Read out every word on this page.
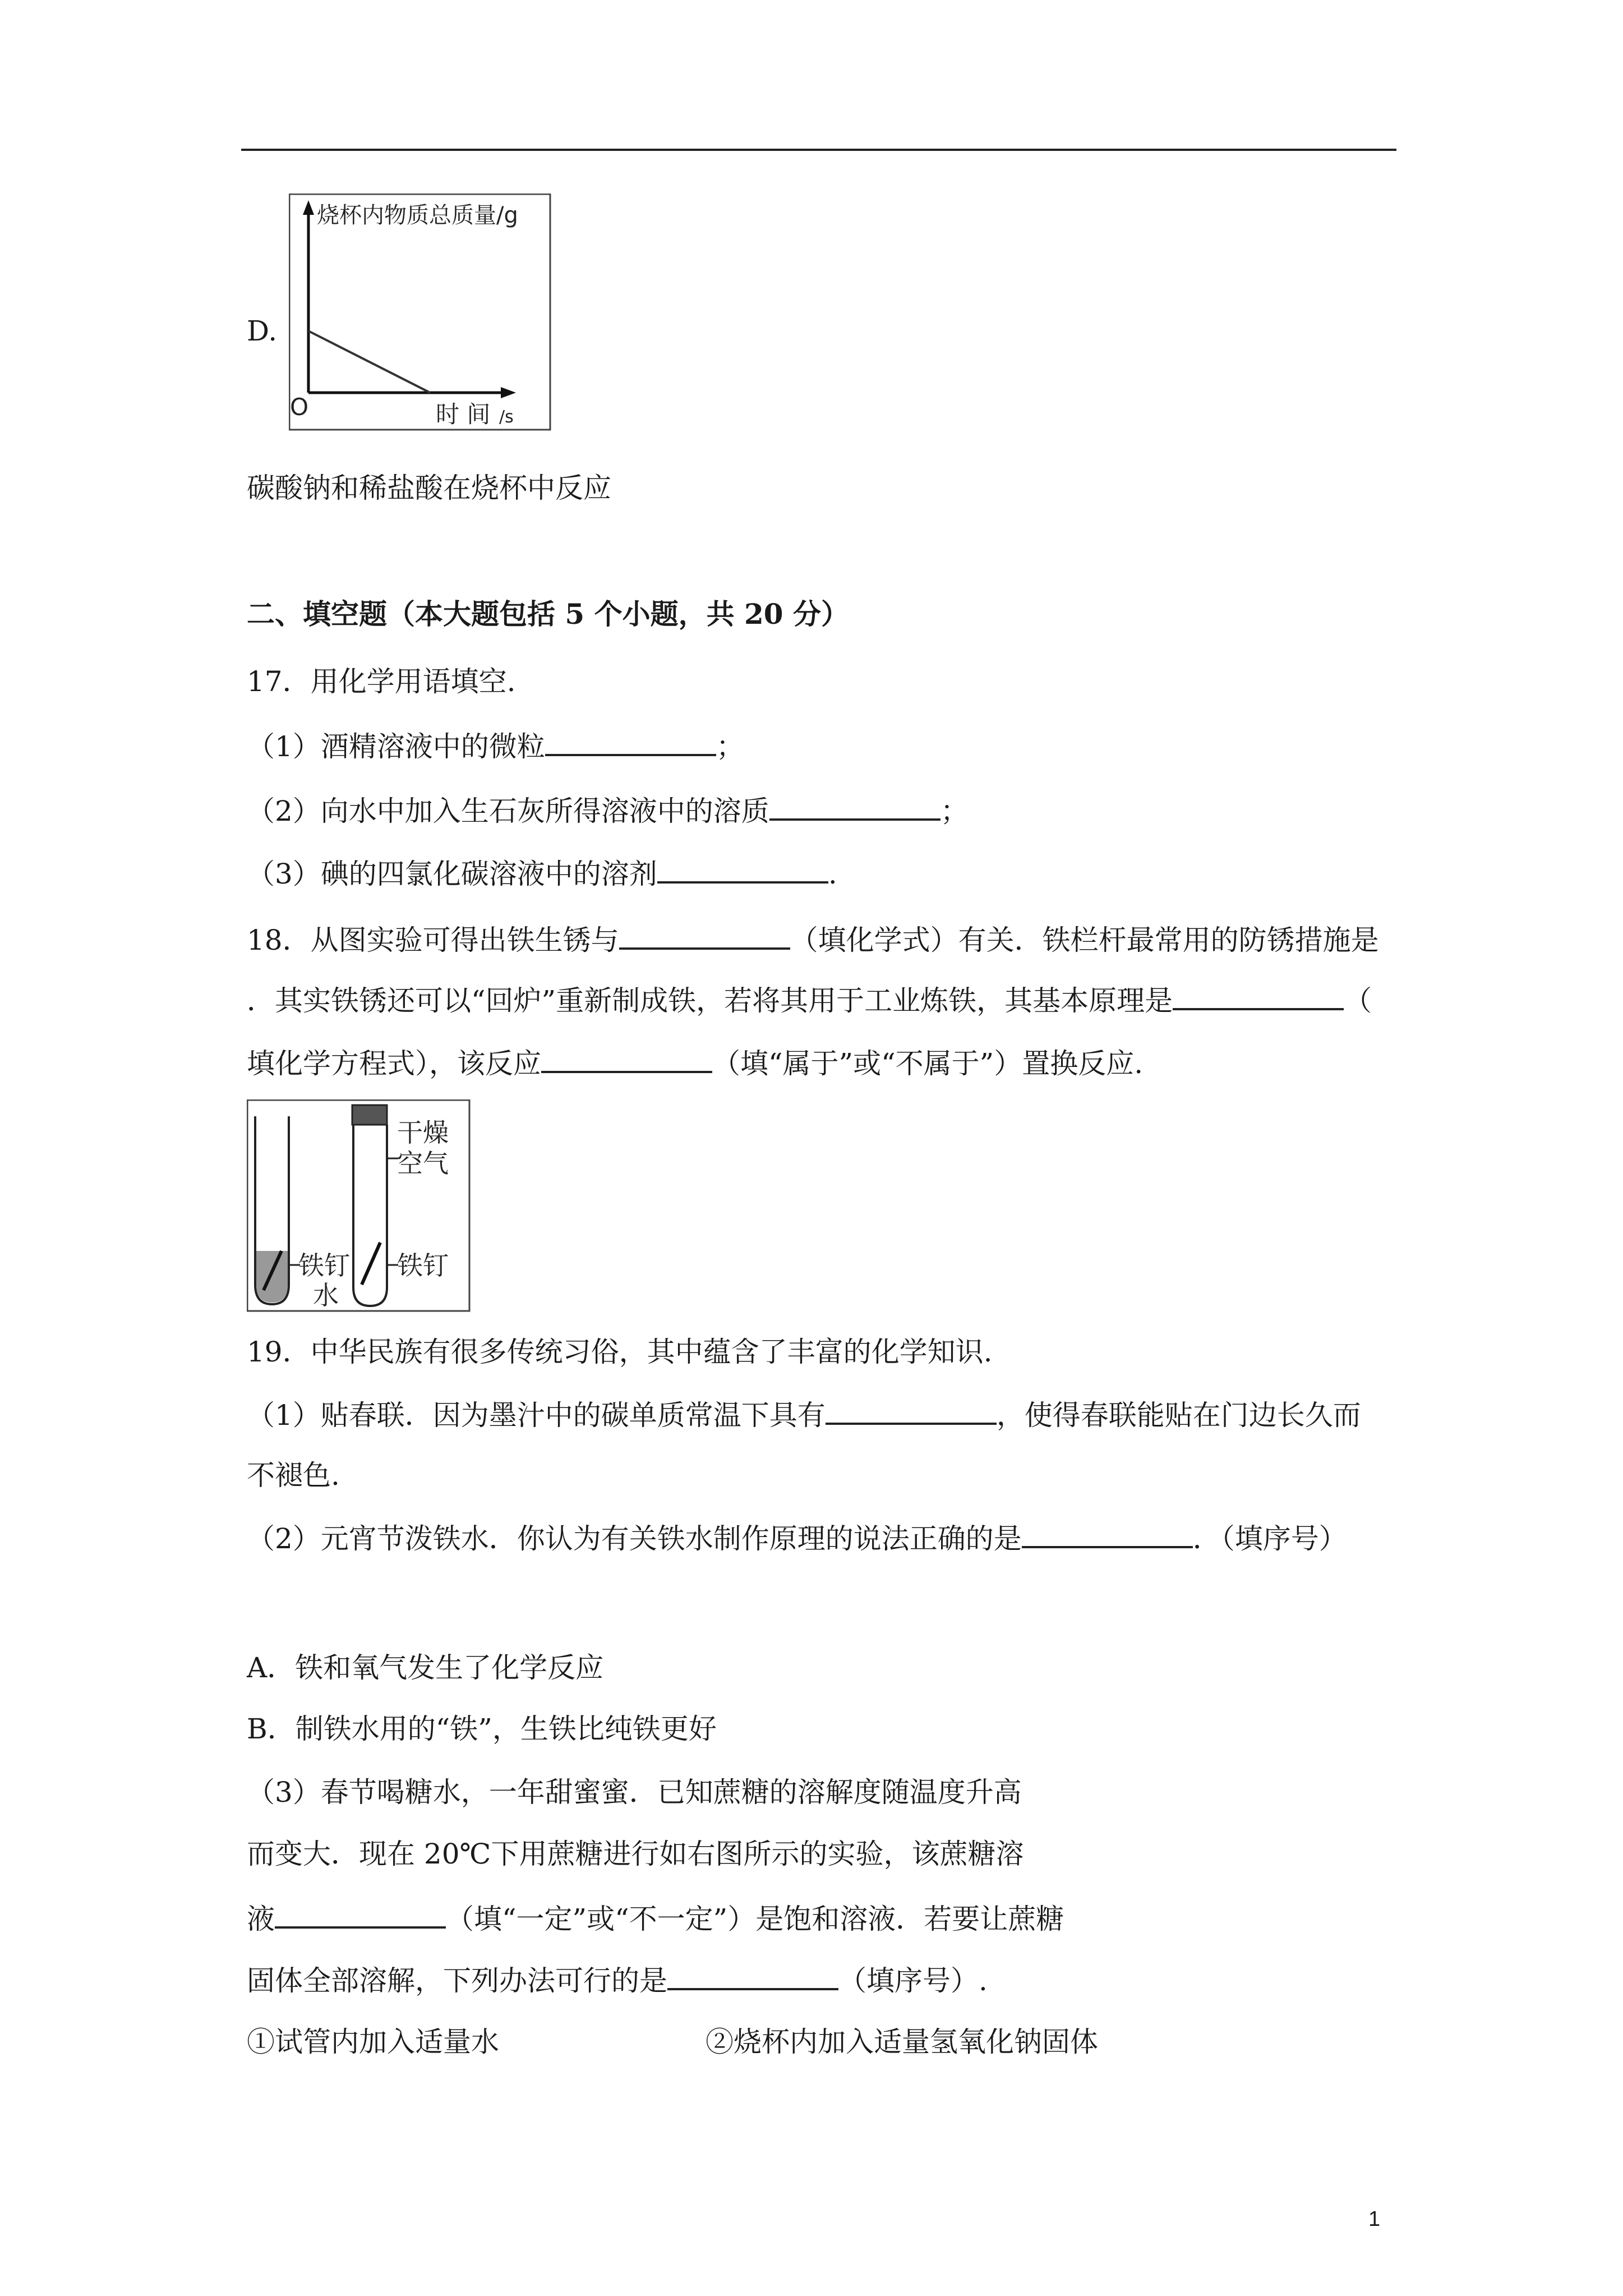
D.
烧杯内物质总质量/g
O	时 间 /s
碳酸钠和稀盐酸在烧杯中反应
二、填空题（本大题包括 5 个小题，共 20 分）
17．用化学用语填空.
（1）酒精溶液中的微粒	；
（2）向水中加入生石灰所得溶液中的溶质	；
（3）碘的四氯化碳溶液中的溶剂	.
18．从图实验可得出铁生锈与	（填化学式）有关．铁栏杆最常用的防锈措施是
．其实铁锈还可以“回炉”重新制成铁，若将其用于工业炼铁，其基本原理是	（
填化学方程式），该反应	（填“属于”或“不属于”）置换反应.
铁钉
水
干燥
空气
铁钉
19．中华民族有很多传统习俗，其中蕴含了丰富的化学知识.
（1）贴春联．因为墨汁中的碳单质常温下具有	，使得春联能贴在门边长久而
不褪色.
（2）元宵节泼铁水．你认为有关铁水制作原理的说法正确的是	．（填序号）
A．铁和氧气发生了化学反应
B．制铁水用的“铁”，生铁比纯铁更好
（3）春节喝糖水，一年甜蜜蜜．已知蔗糖的溶解度随温度升高
而变大．现在 20℃下用蔗糖进行如右图所示的实验，该蔗糖溶
液	（填“一定”或“不一定”）是饱和溶液．若要让蔗糖
固体全部溶解，下列办法可行的是	（填序号）.
①试管内加入适量水	②烧杯内加入适量氢氧化钠固体
1
